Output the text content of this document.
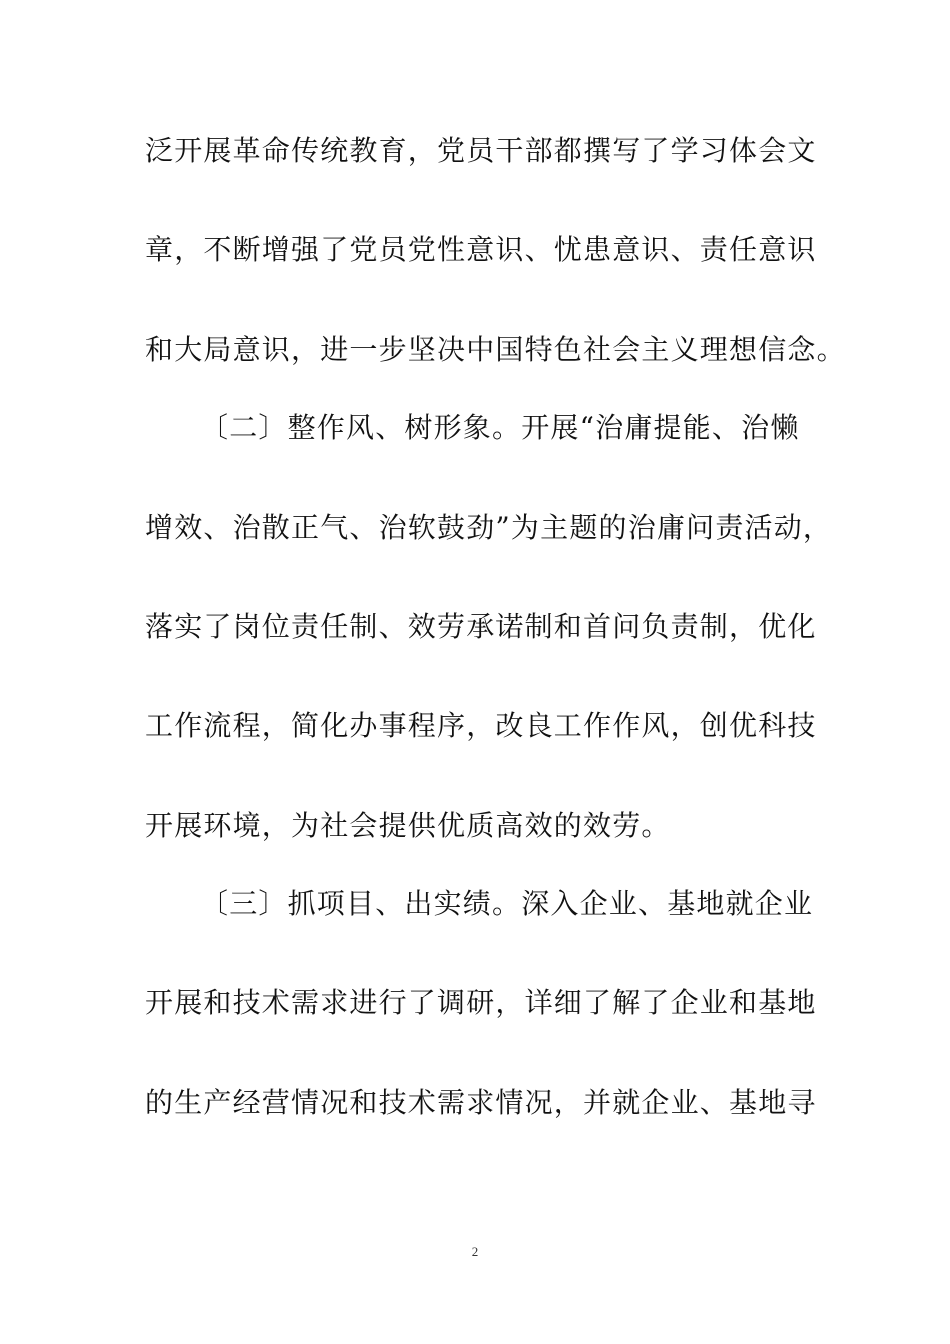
泛开展革命传统教育，党员干部都撰写了学习体会文
章，不断增强了党员党性意识、忧患意识、责任意识
和大局意识，进一步坚决中国特色社会主义理想信念。
〔二〕整作风、树形象。开展“治庸提能、治懒
增效、治散正气、治软鼓劲”为主题的治庸问责活动，
落实了岗位责任制、效劳承诺制和首问负责制，优化
工作流程，简化办事程序，改良工作作风，创优科技
开展环境，为社会提供优质高效的效劳。
〔三〕抓项目、出实绩。深入企业、基地就企业
开展和技术需求进行了调研，详细了解了企业和基地
的生产经营情况和技术需求情况，并就企业、基地寻
2
